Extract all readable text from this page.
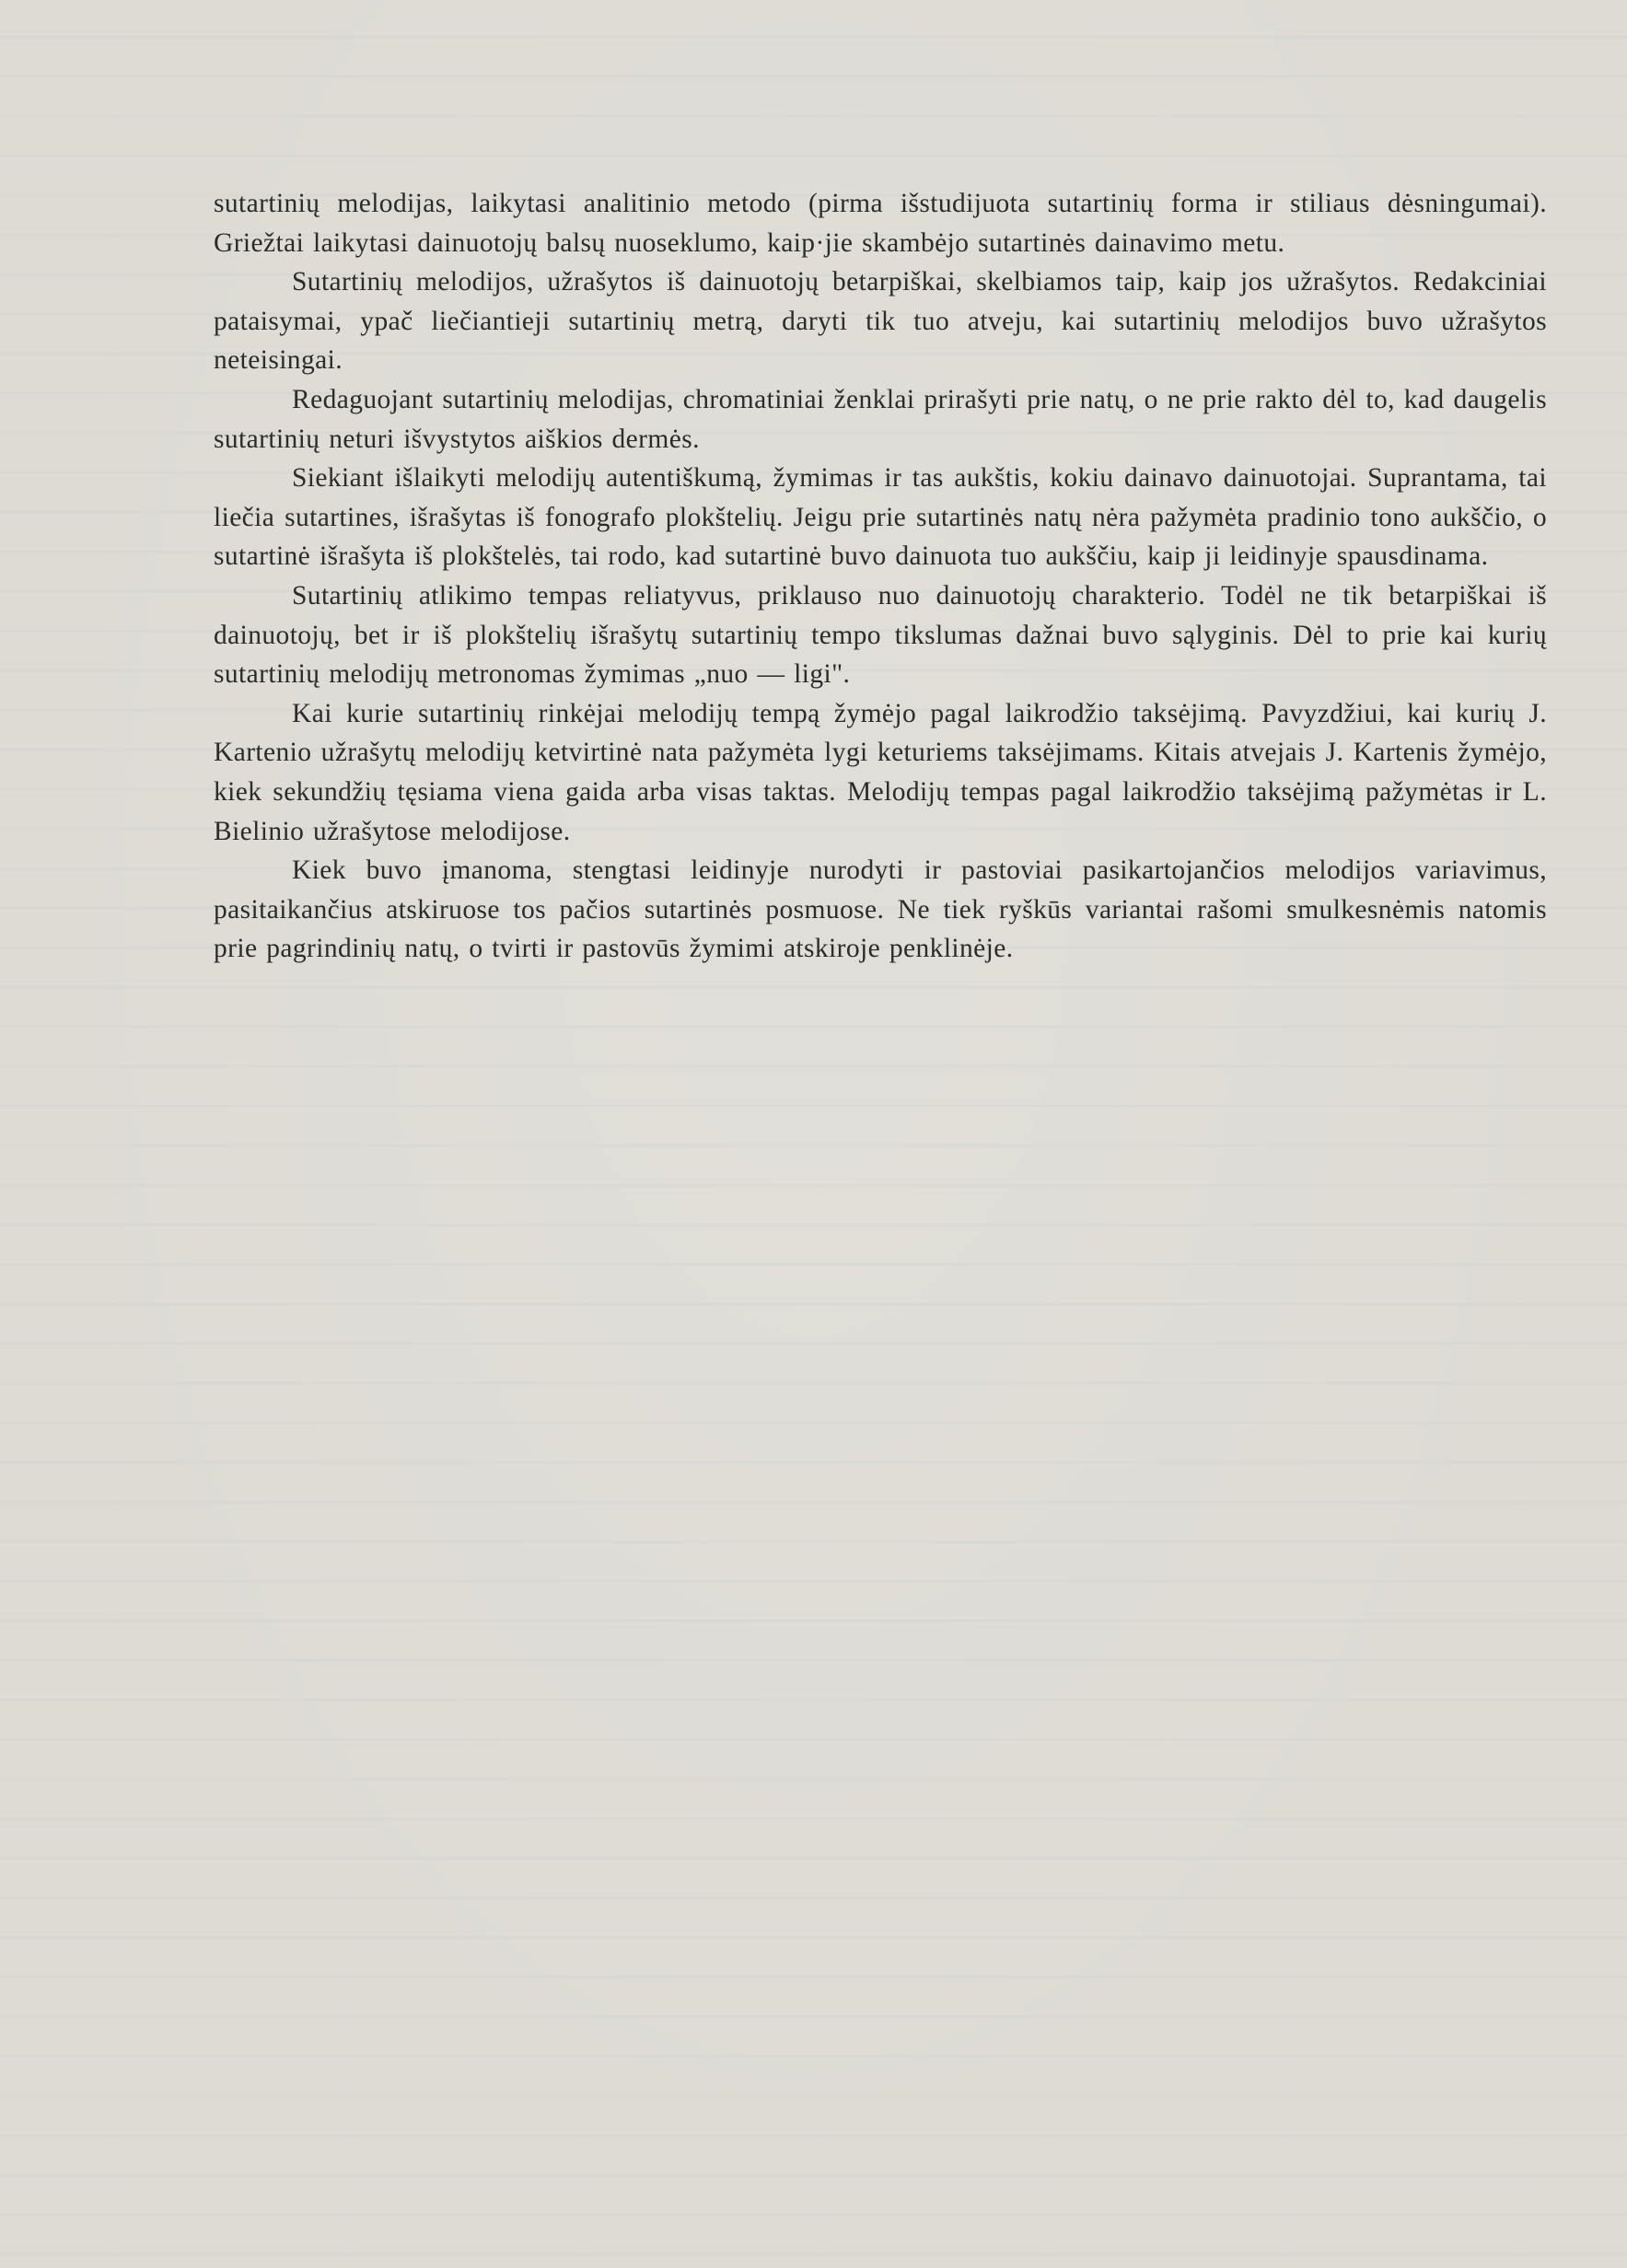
sutartinių melodijas, laikytasi analitinio metodo (pirma išstudijuota sutartinių forma ir stiliaus dėsningumai). Griežtai laikytasi dainuotojų balsų nuoseklumo, kaip·jie skambėjo sutartinės dainavimo metu.

Sutartinių melodijos, užrašytos iš dainuotojų betarpiškai, skelbiamos taip, kaip jos užrašytos. Redakciniai pataisymai, ypač liečiantieji sutartinių metrą, daryti tik tuo atveju, kai sutartinių melodijos buvo užrašytos neteisingai.

Redaguojant sutartinių melodijas, chromatiniai ženklai prirašyti prie natų, o ne prie rakto dėl to, kad daugelis sutartinių neturi išvystytos aiškios dermės.

Siekiant išlaikyti melodijų autentiškumą, žymimas ir tas aukštis, kokiu dainavo dainuotojai. Suprantama, tai liečia sutartines, išrašytas iš fonografo plokštelių. Jeigu prie sutartinės natų nėra pažymėta pradinio tono aukščio, o sutartinė išrašyta iš plokštelės, tai rodo, kad sutartinė buvo dainuota tuo aukščiu, kaip ji leidinyje spausdinama.

Sutartinių atlikimo tempas reliatyvus, priklauso nuo dainuotojų charakterio. Todėl ne tik betarpiškai iš dainuotojų, bet ir iš plokštelių išrašytų sutartinių tempo tikslumas dažnai buvo sąlyginis. Dėl to prie kai kurių sutartinių melodijų metronomas žymimas „nuo — ligi".

Kai kurie sutartinių rinkėjai melodijų tempą žymėjo pagal laikrodžio taksėjimą. Pavyzdžiui, kai kurių J. Kartenio užrašytų melodijų ketvirtinė nata pažymėta lygi keturiems taksėjimams. Kitais atvejais J. Kartenis žymėjo, kiek sekundžių tęsiama viena gaida arba visas taktas. Melodijų tempas pagal laikrodžio taksėjimą pažymėtas ir L. Bielinio užrašytose melodijose.

Kiek buvo įmanoma, stengtasi leidinyje nurodyti ir pastoviai pasikartojančios melodijos variavimus, pasitaikančius atskiruose tos pačios sutartinės posmuose. Ne tiek ryškūs variantai rašomi smulkesnėmis natomis prie pagrindinių natų, o tvirti ir pastovūs žymimi atskiroje penklinėje.
